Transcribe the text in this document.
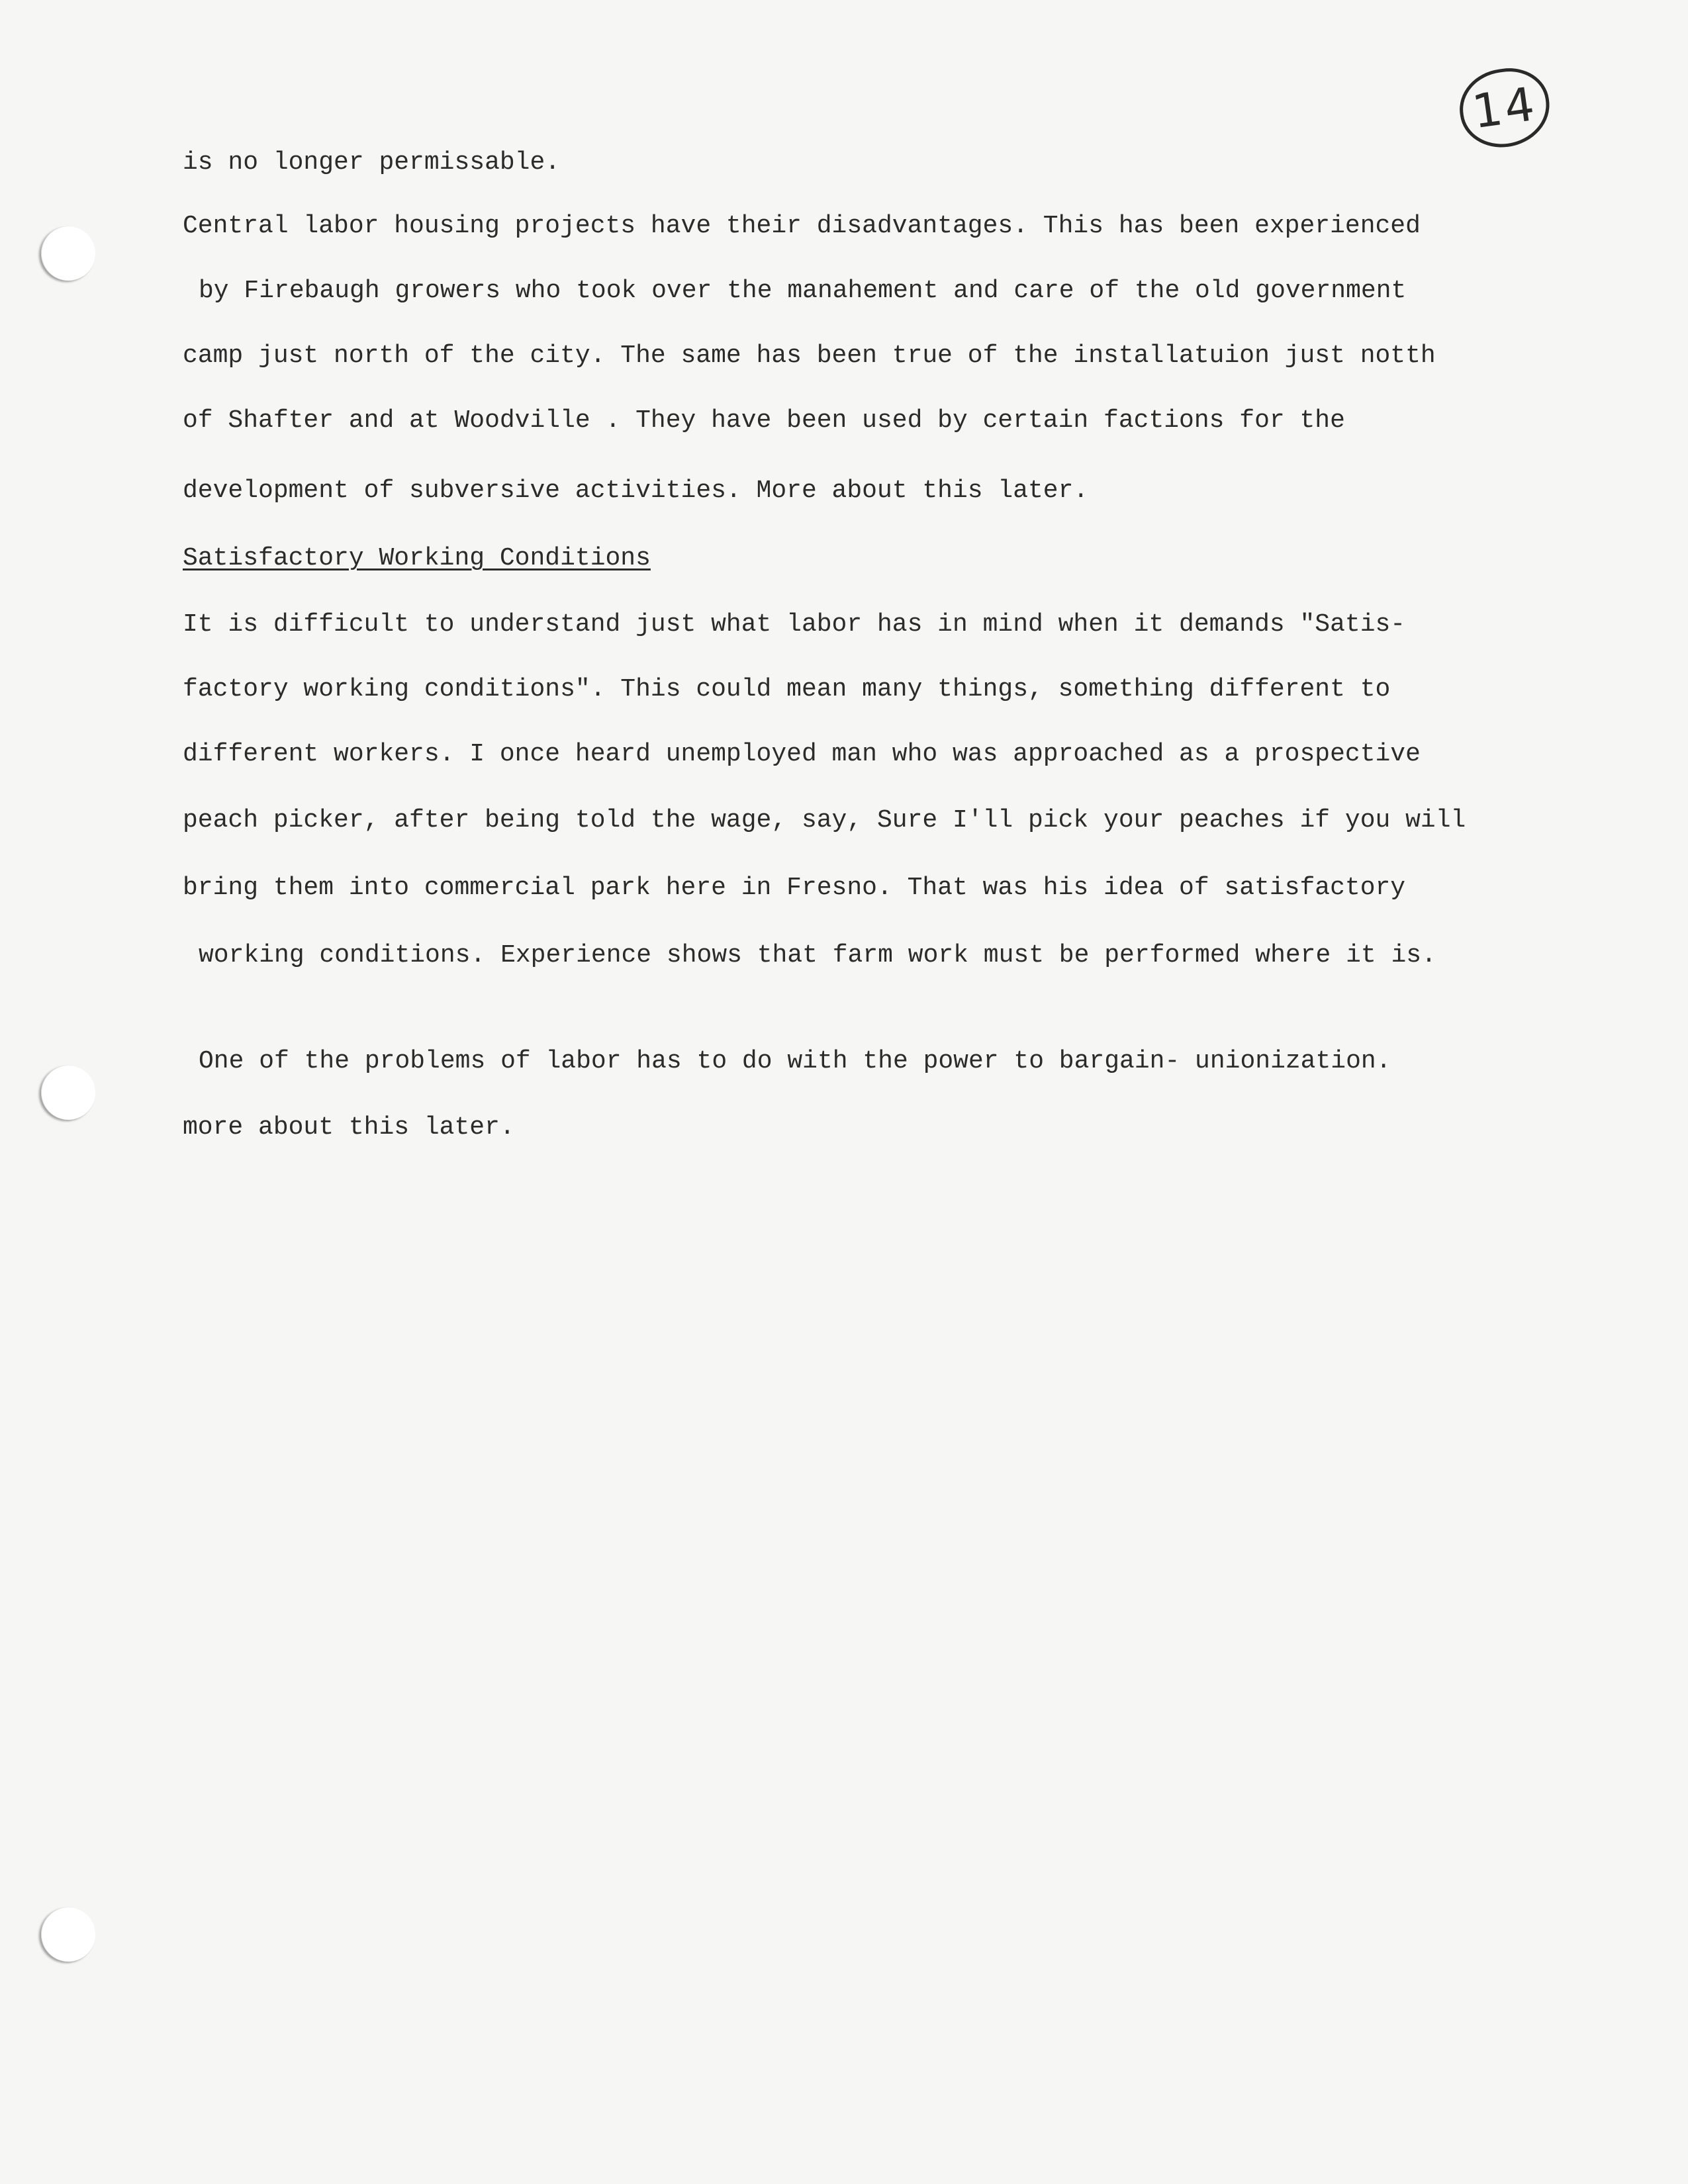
14
is no longer permissable.
Central labor housing projects have their disadvantages. This has been experienced
by Firebaugh growers who took over the manahement and care of the old government
camp just north of the city. The same has been true of the installatuion just notth
of Shafter and at Woodville . They have been used by certain factions for the
development of subversive activities. More about this later.
Satisfactory Working Conditions
It is difficult to understand just what labor has in mind when it demands "Satis-
factory working conditions". This could mean many things, something different to
different workers. I once heard unemployed man who was approached as a prospective
peach picker, after being told the wage, say, Sure I'll pick your peaches if you will
bring them into commercial park here in Fresno. That was his idea of satisfactory
working conditions. Experience shows that farm work must be performed where it is.
One of the problems of labor has to do with the power to bargain- unionization.
more about this later.
